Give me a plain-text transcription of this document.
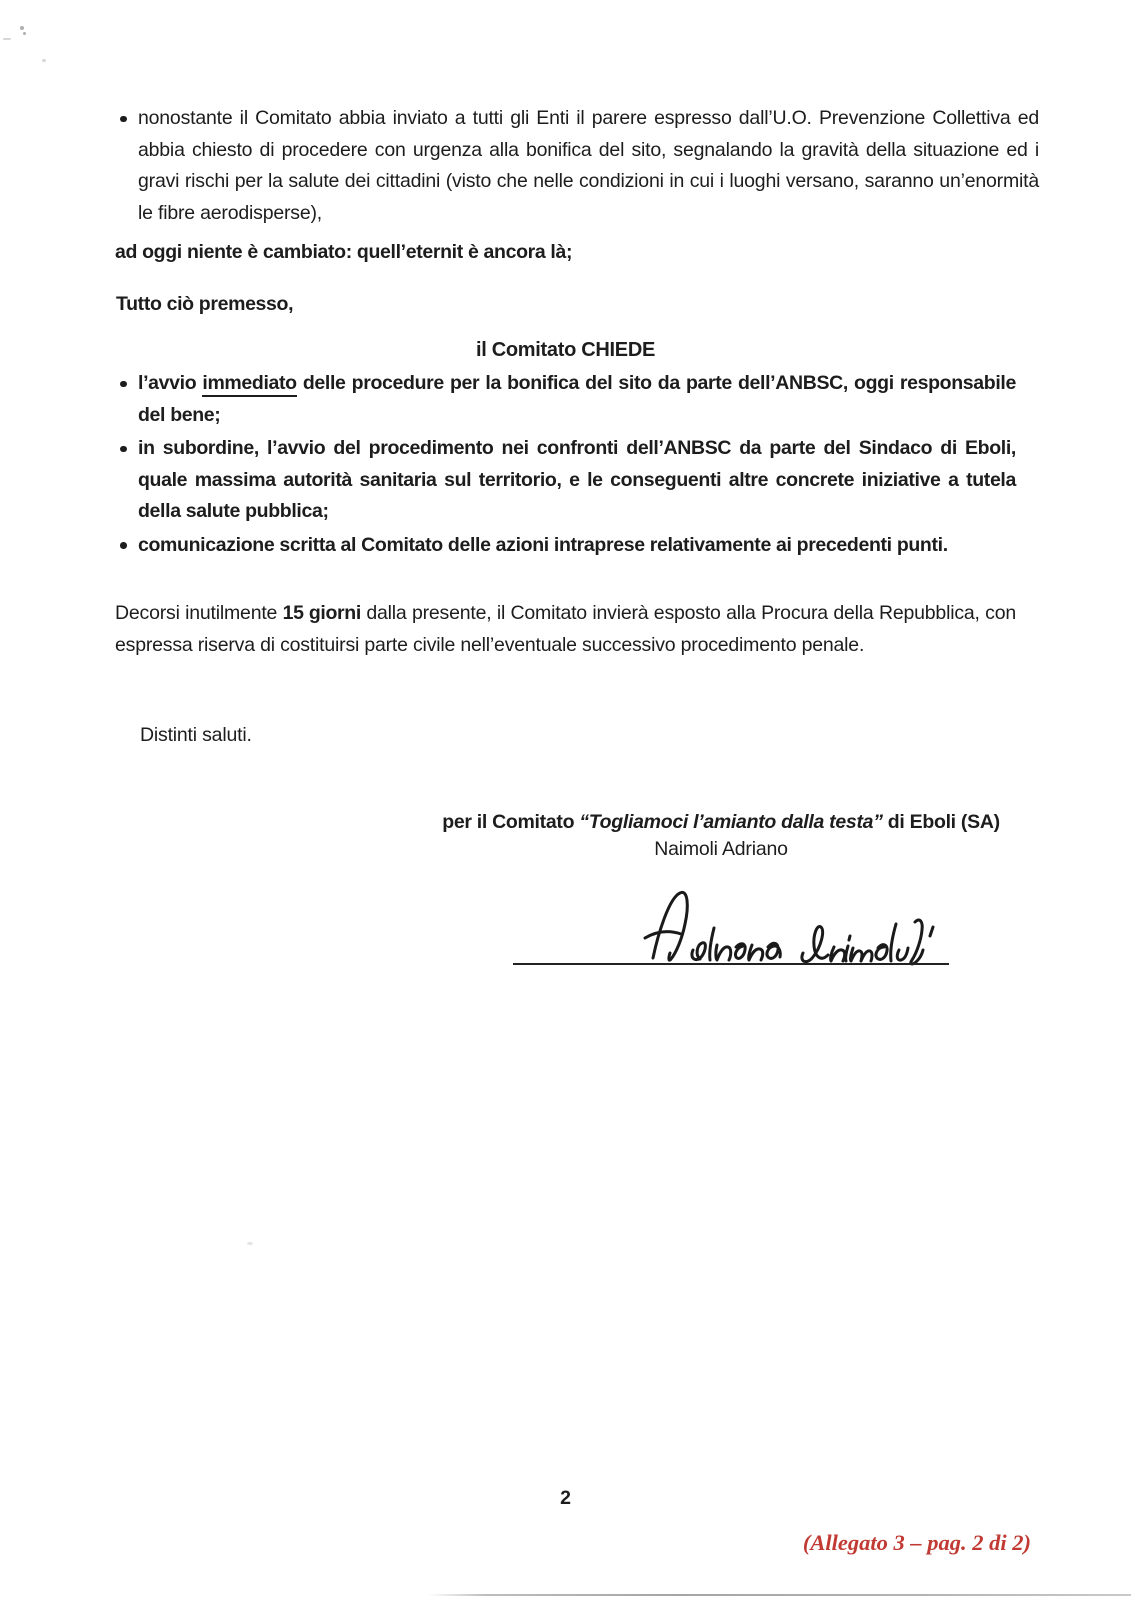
nonostante il Comitato abbia inviato a tutti gli Enti il parere espresso dall’U.O. Prevenzione Collettiva ed abbia chiesto di procedere con urgenza alla bonifica del sito, segnalando la gravità della situazione ed i gravi rischi per la salute dei cittadini (visto che nelle condizioni in cui i luoghi versano, saranno un’enormità le fibre aerodisperse),

ad oggi niente è cambiato: quell’eternit è ancora là;

Tutto ciò premesso,

il Comitato CHIEDE

l’avvio immediato delle procedure per la bonifica del sito da parte dell’ANBSC, oggi responsabile del bene;

in subordine, l’avvio del procedimento nei confronti dell’ANBSC da parte del Sindaco di Eboli, quale massima autorità sanitaria sul territorio, e le conseguenti altre concrete iniziative a tutela della salute pubblica;

comunicazione scritta al Comitato delle azioni intraprese relativamente ai precedenti punti.

Decorsi inutilmente 15 giorni dalla presente, il Comitato invierà esposto alla Procura della Repubblica, con espressa riserva di costituirsi parte civile nell’eventuale successivo procedimento penale.

Distinti saluti.

per il Comitato “Togliamoci l’amianto dalla testa” di Eboli (SA)
Naimoli Adriano

2

(Allegato 3 – pag. 2 di 2)
